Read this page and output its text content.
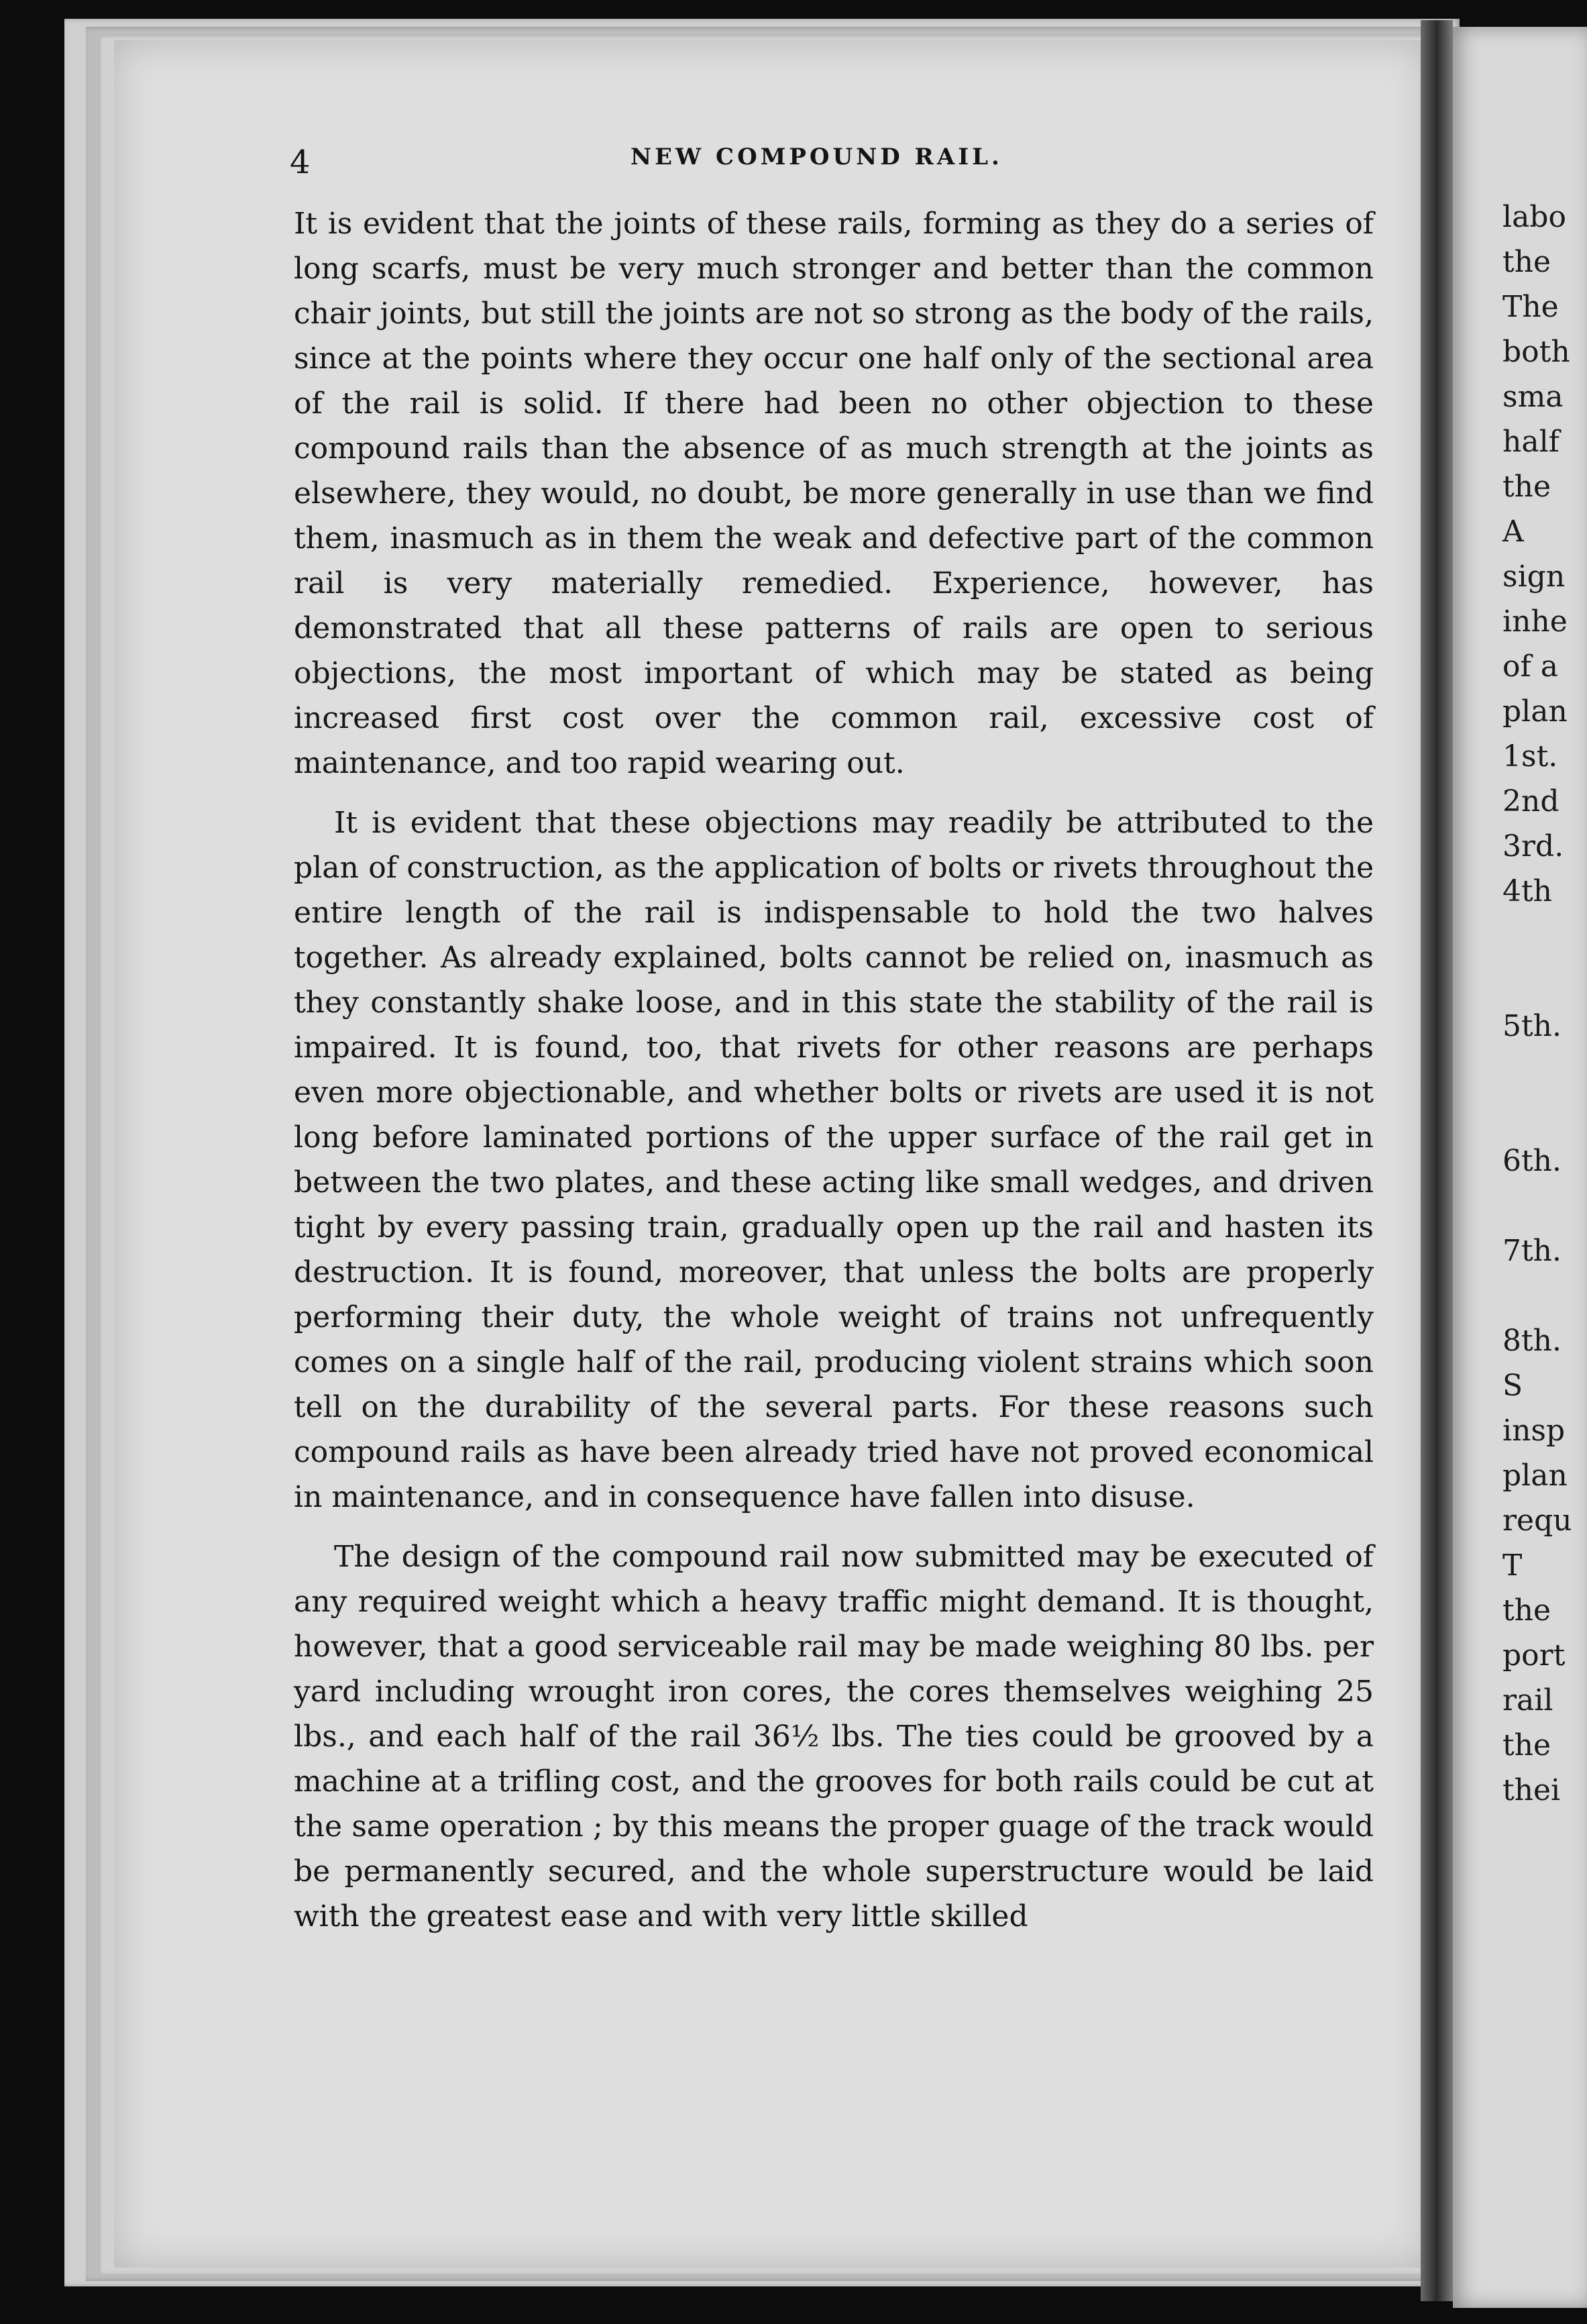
4	NEW COMPOUND RAIL.

It is evident that the joints of these rails, forming as they do a series of long scarfs, must be very much stronger and better than the common chair joints, but still the joints are not so strong as the body of the rails, since at the points where they occur one half only of the sectional area of the rail is solid. If there had been no other objection to these compound rails than the absence of as much strength at the joints as elsewhere, they would, no doubt, be more generally in use than we find them, inasmuch as in them the weak and defective part of the common rail is very materially remedied. Experience, however, has demonstrated that all these patterns of rails are open to serious objections, the most important of which may be stated as being increased first cost over the common rail, excessive cost of maintenance, and too rapid wearing out.

It is evident that these objections may readily be attributed to the plan of construction, as the application of bolts or rivets throughout the entire length of the rail is indispensable to hold the two halves together. As already explained, bolts cannot be relied on, inasmuch as they constantly shake loose, and in this state the stability of the rail is impaired. It is found, too, that rivets for other reasons are perhaps even more objectionable, and whether bolts or rivets are used it is not long before laminated portions of the upper surface of the rail get in between the two plates, and these acting like small wedges, and driven tight by every passing train, gradually open up the rail and hasten its destruction. It is found, moreover, that unless the bolts are properly performing their duty, the whole weight of trains not unfrequently comes on a single half of the rail, producing violent strains which soon tell on the durability of the several parts. For these reasons such compound rails as have been already tried have not proved economical in maintenance, and in consequence have fallen into disuse.

The design of the compound rail now submitted may be executed of any required weight which a heavy traffic might demand. It is thought, however, that a good serviceable rail may be made weighing 80 lbs. per yard including wrought iron cores, the cores themselves weighing 25 lbs., and each half of the rail 36½ lbs. The ties could be grooved by a machine at a trifling cost, and the grooves for both rails could be cut at the same operation ; by this means the proper guage of the track would be permanently secured, and the whole superstructure would be laid with the greatest ease and with very little skilled

labo
the
The
both
sma
half
the
A
sign
inhe
of a
plan
1st.
2nd
3rd.
4th
5th.
6th.
7th.
8th.
S
insp
plan
requ
T
the
port
rail
the
thei
